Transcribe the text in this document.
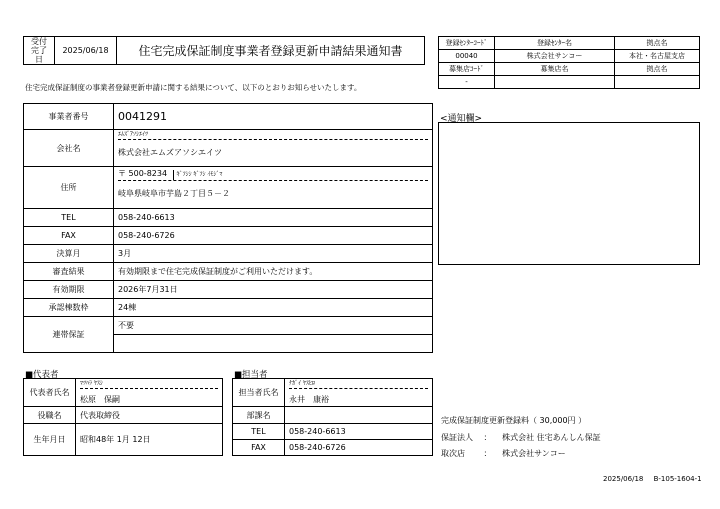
受付
完了日	2025/06/18	住宅完成保証制度事業者登録更新申請結果通知書
登録ｾﾝﾀｰｺｰﾄﾞ	登録ｾﾝﾀｰ名	拠点名
00040	株式会社サンコー	本社・名古屋支店
募集店ｺｰﾄﾞ	募集店名	拠点名
-		
住宅完成保証制度の事業者登録更新申請に関する結果について、以下のとおりお知らせいたします。
<通知欄>
事業者番号	0041291
会社名	ｴﾑｽﾞｱｿｼｴｲﾂ
株式会社エムズアソシエイツ

住所	〒 500-8234 ｷﾞﾌｼｼ ｷﾞﾌｼ ｲﾓｼﾞﾏ
岐阜県岐阜市芋島２丁目５－２

TEL	058-240-6613
FAX	058-240-6726
決算月	3月
審査結果	有効期限まで住宅完成保証制度がご利用いただけます。
有効期限	2026年7月31日
承認棟数枠	24棟
連帯保証	不要
■代表者
代表者氏名	ﾏﾂﾊﾗ ﾔｽｼ
松原　保嗣

役職名	代表取締役
生年月日	昭和48年 1月 12日
■担当者
担当者氏名	ﾅｶﾞｲ ﾔｽﾋﾛ
永井　康裕

部課名	
TEL	058-240-6613
FAX	058-240-6726
完成保証制度更新登録料（ 30,000円 ）
保証法人 ： 株式会社 住宅あんしん保証
取次店 ： 株式会社サンコー
2025/06/18 B-105-1604-1
